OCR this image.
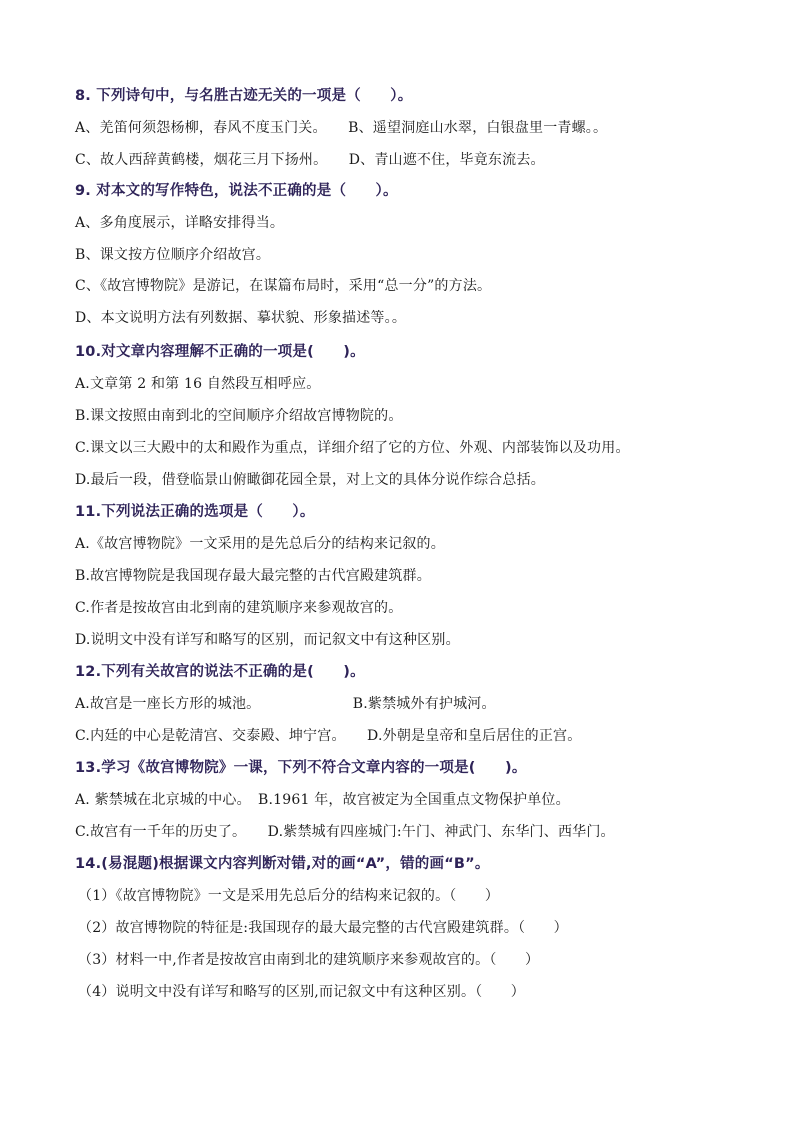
8. 下列诗句中，与名胜古迹无关的一项是（　　）。
A、羌笛何须怨杨柳，春风不度玉门关。　　B、遥望洞庭山水翠，白银盘里一青螺。。
C、故人西辞黄鹤楼，烟花三月下扬州。　　D、青山遮不住，毕竟东流去。
9. 对本文的写作特色，说法不正确的是（　　）。
A、多角度展示，详略安排得当。
B、课文按方位顺序介绍故宫。
C、《故宫博物院》是游记，在谋篇布局时，采用“总一分”的方法。
D、本文说明方法有列数据、摹状貌、形象描述等。。
10.对文章内容理解不正确的一项是(　　)。
A.文章第 2 和第 16 自然段互相呼应。
B.课文按照由南到北的空间顺序介绍故宫博物院的。
C.课文以三大殿中的太和殿作为重点，详细介绍了它的方位、外观、内部装饰以及功用。
D.最后一段，借登临景山俯瞰御花园全景，对上文的具体分说作综合总括。
11.下列说法正确的选项是（　　）。
A.《故宫博物院》一文采用的是先总后分的结构来记叙的。
B.故宫博物院是我国现存最大最完整的古代宫殿建筑群。
C.作者是按故宫由北到南的建筑顺序来参观故宫的。
D.说明文中没有详写和略写的区别，而记叙文中有这种区别。
12.下列有关故宫的说法不正确的是(　　)。
A.故宫是一座长方形的城池。　　　　　　　B.紫禁城外有护城河。
C.内廷的中心是乾清宫、交泰殿、坤宁宫。　　D.外朝是皇帝和皇后居住的正宫。
13.学习《故宫博物院》一课，下列不符合文章内容的一项是(　　)。
A. 紫禁城在北京城的中心。　B.1961 年，故宫被定为全国重点文物保护单位。
C.故宫有一千年的历史了。　　D.紫禁城有四座城门:午门、神武门、东华门、西华门。
14.(易混题)根据课文内容判断对错,对的画“A”，错的画“B”。
（1）《故宫博物院》一文是采用先总后分的结构来记叙的。（　　）
（2）故宫博物院的特征是:我国现存的最大最完整的古代宫殿建筑群。（　　）
（3）材料一中,作者是按故宫由南到北的建筑顺序来参观故宫的。（　　）
（4）说明文中没有详写和略写的区别,而记叙文中有这种区别。（　　）
